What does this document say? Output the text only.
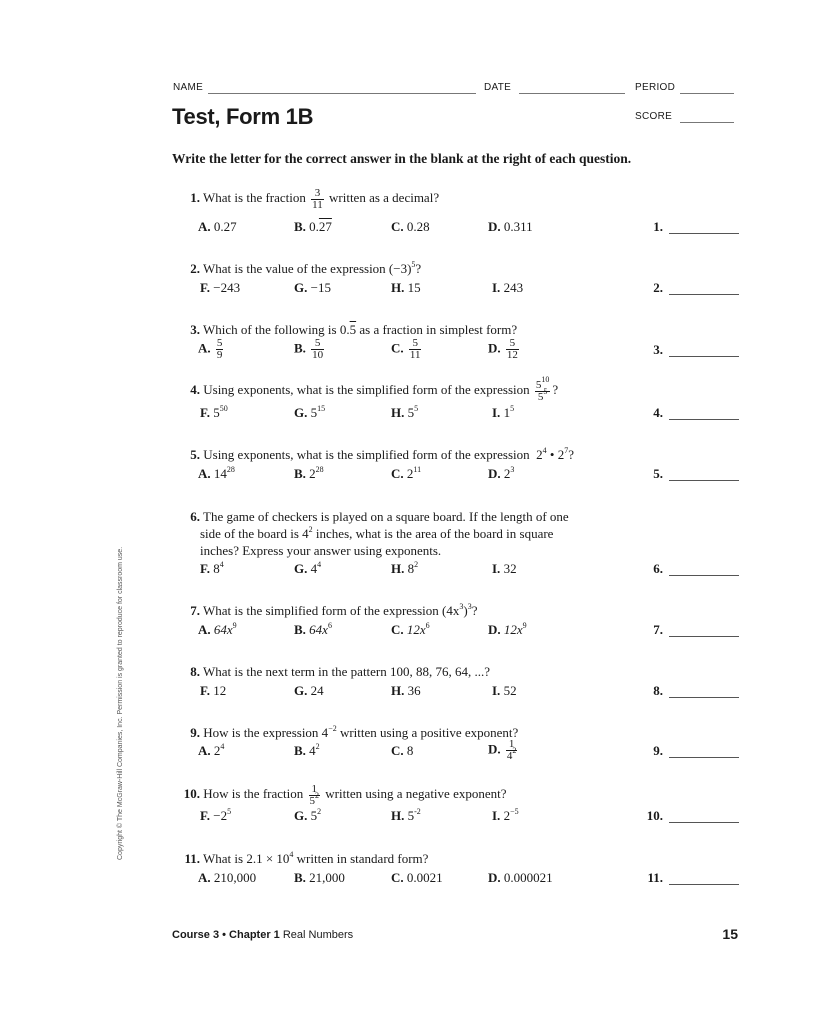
NAME	DATE	PERIOD
SCORE
Test, Form 1B
Write the letter for the correct answer in the blank at the right of each question.
1. What is the fraction $\frac{3}{11}$ written as a decimal?
A. 0.27	B. 0.27	C. 0.28	D. 0.311	1.
2. What is the value of the expression $(-3)^5$?
F. −243	G. −15	H. 15	I. 243	2.
3. Which of the following is 0.5 as a fraction in simplest form?
A. $\frac{5}{9}$	B. $\frac{5}{10}$	C. $\frac{5}{11}$	D. $\frac{5}{12}$	3.
4. Using exponents, what is the simplified form of the expression $\frac{5^{10}}{5^5}$ ?
F. $5^{50}$	G. $5^{15}$	H. $5^5$	I. $1^5$	4.
5. Using exponents, what is the simplified form of the expression $2^4$ • $2^7$?
A. $14^{28}$	B. $2^{28}$	C. $2^{11}$	D. $2^3$	5.
6. The game of checkers is played on a square board. If the length of one
side of the board is $4^2$ inches, what is the area of the board in square
inches? Express your answer using exponents.
F. $8^4$	G. $4^4$	H. $8^2$	I. 32	6.
7. What is the simplified form of the expression $(4x^3)^3$?
A. $64x^9$	B. $64x^6$	C. $12x^6$	D. $12x^9$	7.
8. What is the next term in the pattern 100, 88, 76, 64, ...?
F. 12	G. 24	H. 36	I. 52	8.
9. How is the expression $4^{-2}$ written using a positive exponent?
A. $2^4$	B. $4^2$	C. 8	D. $\frac{1}{4^2}$	9.
10. How is the fraction $\frac{1}{5^2}$ written using a negative exponent?
F. $-2^5$	G. $5^2$	H. $5^{-2}$	I. $2^{-5}$	10.
11. What is $2.1 \times 10^4$ written in standard form?
A. 210,000	B. 21,000	C. 0.0021	D. 0.000021	11.
Copyright © The McGraw-Hill Companies, Inc. Permission is granted to reproduce for classroom use.
Course 3 • Chapter 1 Real Numbers	15
